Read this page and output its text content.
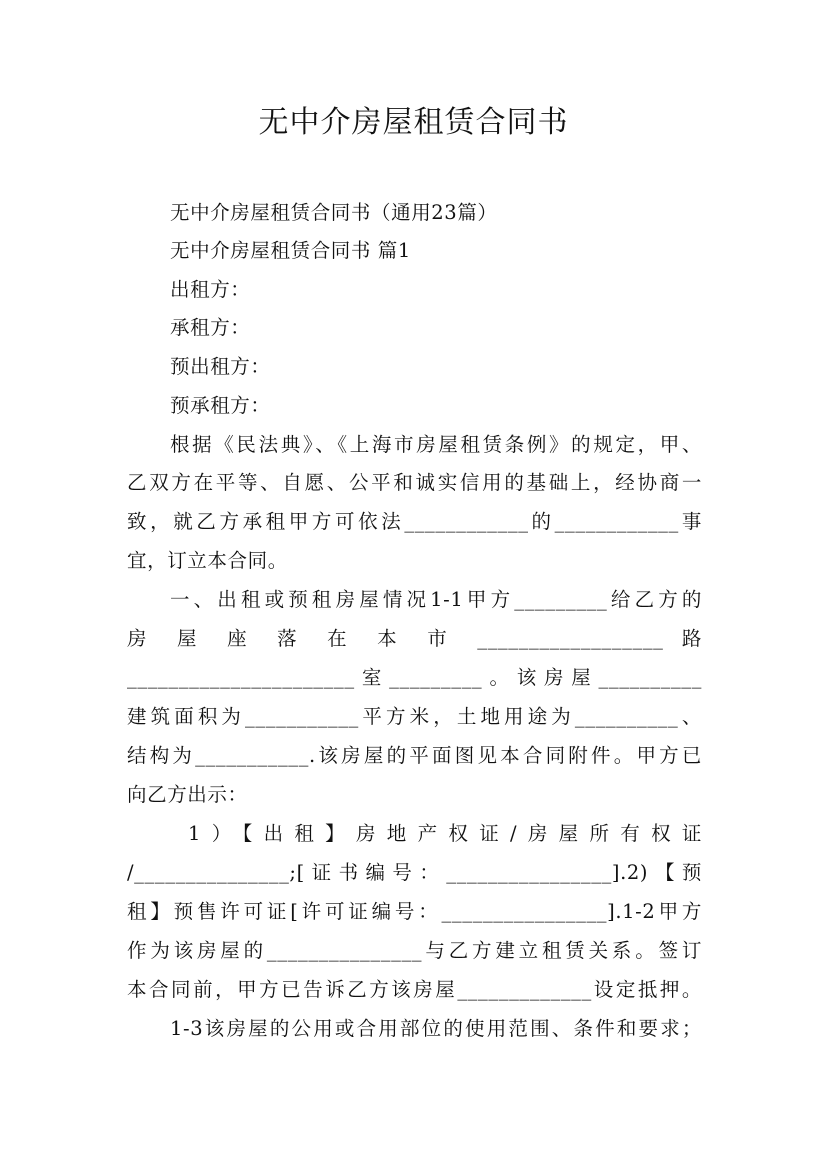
无中介房屋租赁合同书
无中介房屋租赁合同书（通用23篇）
无中介房屋租赁合同书 篇1
出租方：
承租方：
预出租方：
预承租方：
根据《民法典》、《上海市房屋租赁条例》的规定，甲、
乙双方在平等、自愿、公平和诚实信用的基础上，经协商一
致，就乙方承租甲方可依法____________的____________事
宜，订立本合同。
一、出租或预租房屋情况1-1甲方_________给乙方的
房 屋 座 落 在 本 市 __________________ 路
______________________室_________。该房屋__________
建筑面积为___________平方米，土地用途为__________、
结构为___________.该房屋的平面图见本合同附件。甲方已
向乙方出示：
1）【出租】房地产权证/房屋所有权证
/_______________;[证书编号：________________].2)【预
租】预售许可证[许可证编号：________________].1-2甲方
作为该房屋的_______________与乙方建立租赁关系。签订
本合同前，甲方已告诉乙方该房屋_____________设定抵押。
1-3该房屋的公用或合用部位的使用范围、条件和要求；
